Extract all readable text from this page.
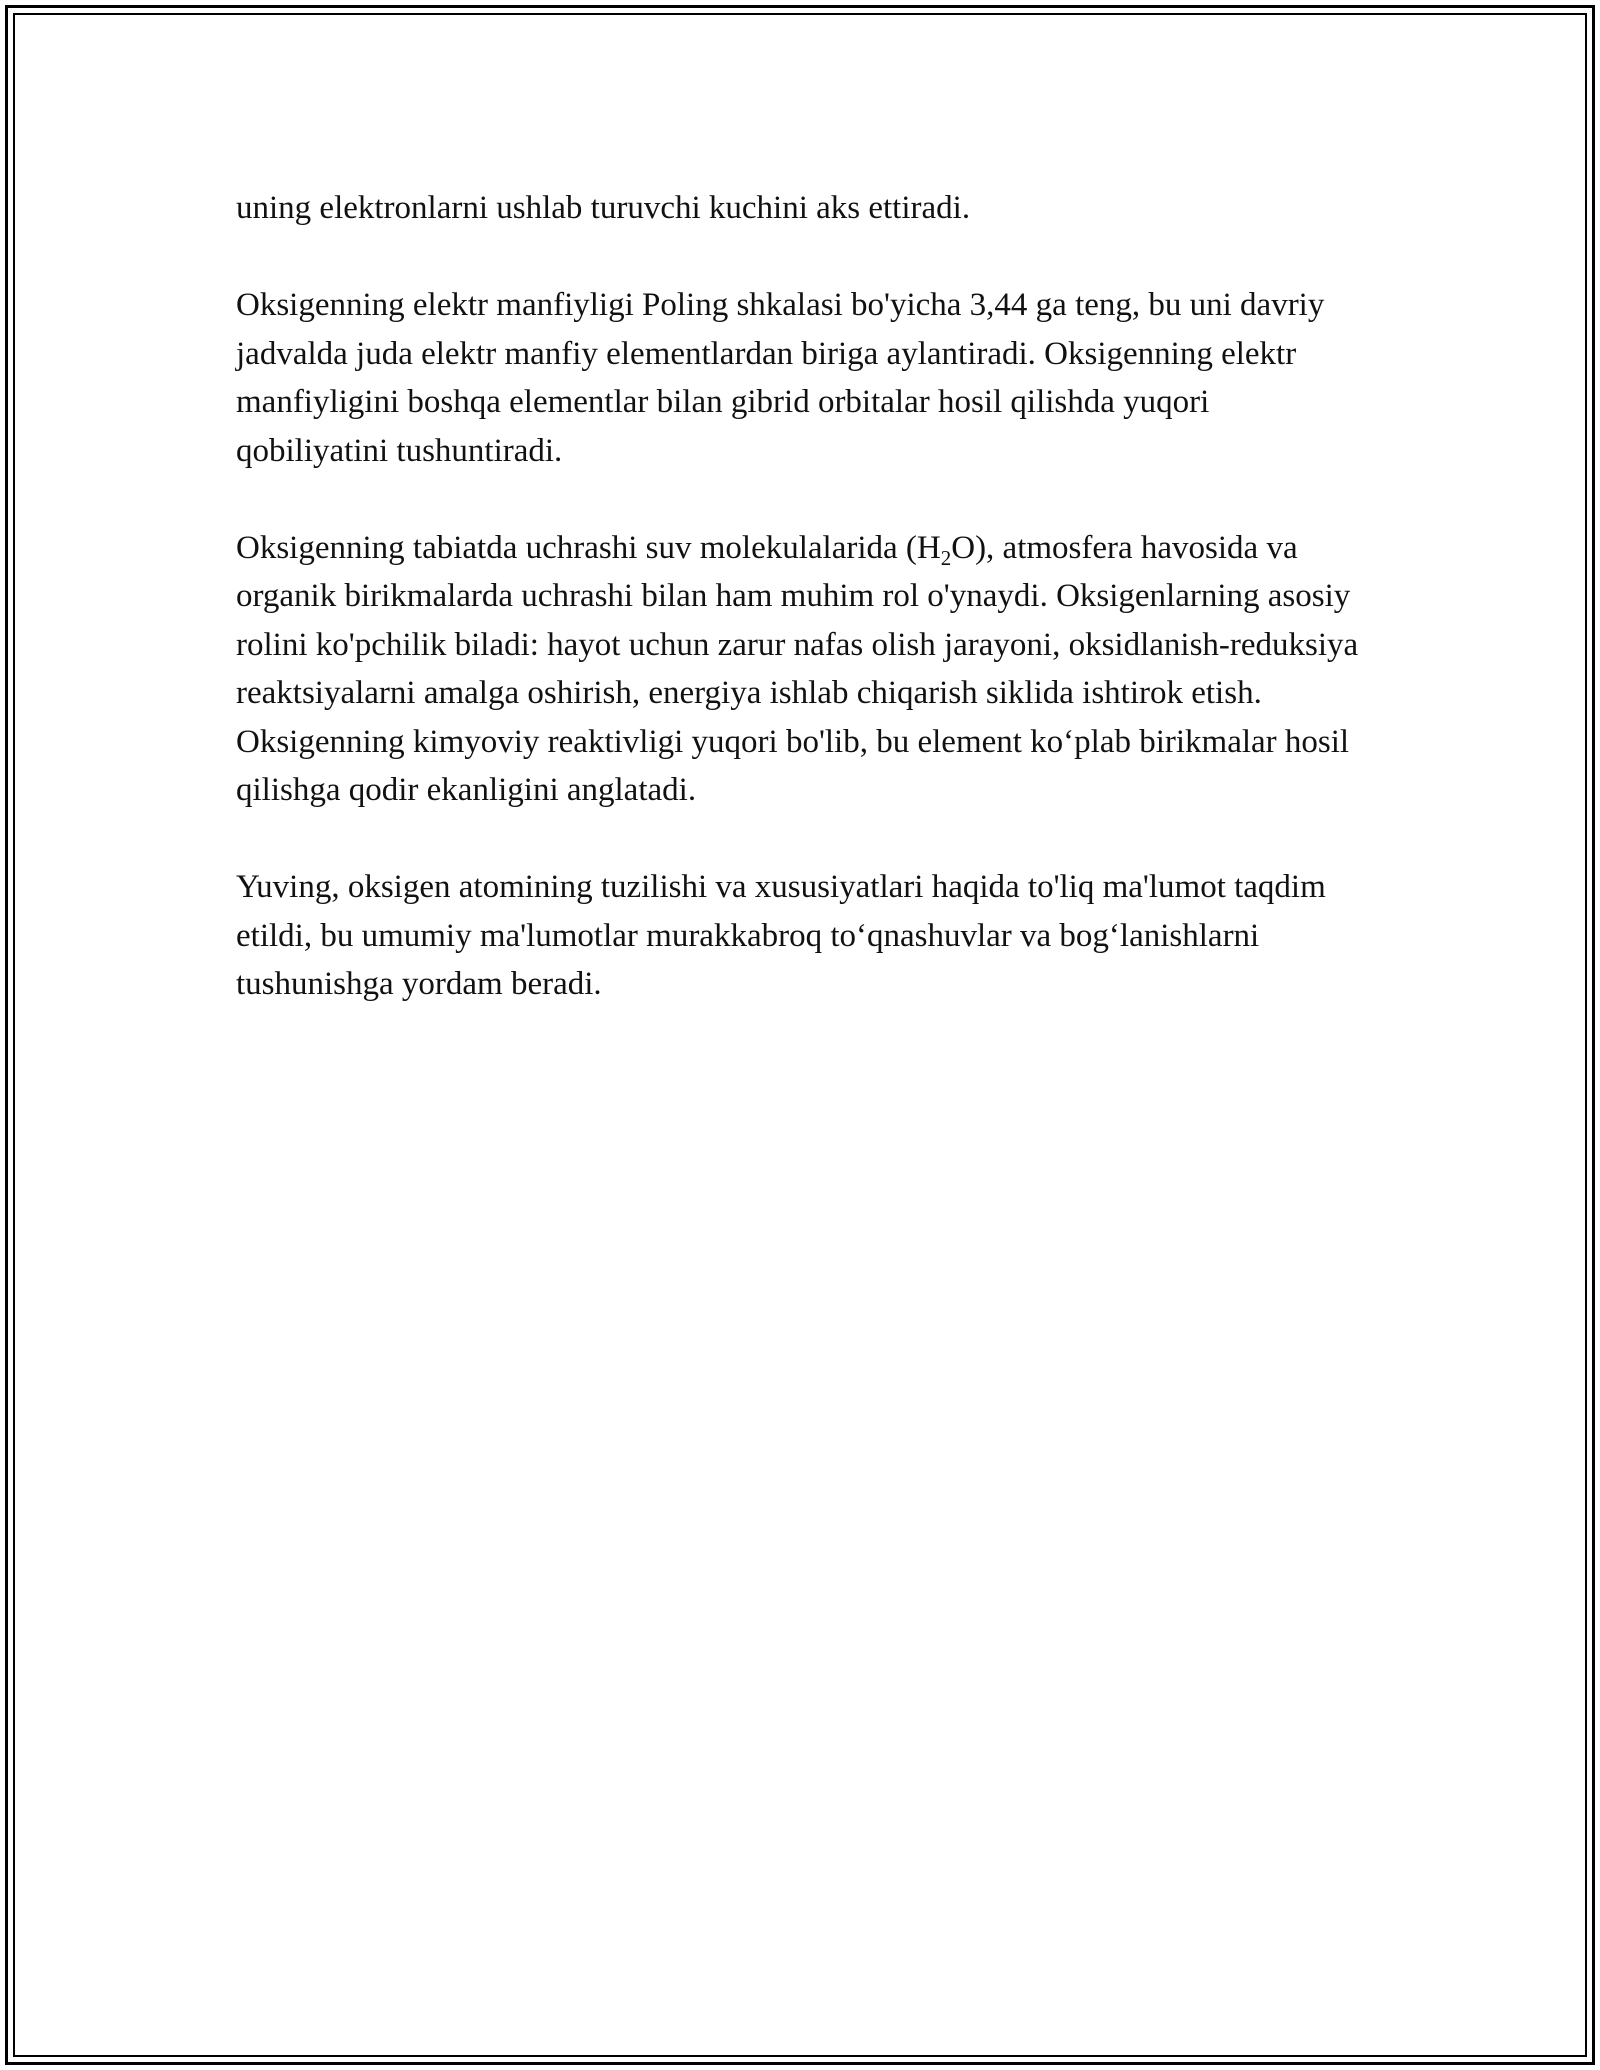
uning elektronlarni ushlab turuvchi kuchini aks ettiradi.

Oksigenning elektr manfiyligi Poling shkalasi bo'yicha 3,44 ga teng, bu uni davriy jadvalda juda elektr manfiy elementlardan biriga aylantiradi. Oksigenning elektr manfiyligini boshqa elementlar bilan gibrid orbitalar hosil qilishda yuqori qobiliyatini tushuntiradi.

Oksigenning tabiatda uchrashi suv molekulalarida $(H_2O)$, atmosfera havosida va organik birikmalarda uchrashi bilan ham muhim rol o'ynaydi. Oksigenlarning asosiy rolini ko'pchilik biladi: hayot uchun zarur nafas olish jarayoni, oksidlanish-reduksiya reaktsiyalarni amalga oshirish, energiya ishlab chiqarish siklida ishtirok etish. Oksigenning kimyoviy reaktivligi yuqori bo'lib, bu element ko‘plab birikmalar hosil qilishga qodir ekanligini anglatadi.

Yuving, oksigen atomining tuzilishi va xususiyatlari haqida to'liq ma'lumot taqdim etildi, bu umumiy ma'lumotlar murakkabroq to‘qnashuvlar va bog‘lanishlarni tushunishga yordam beradi.
